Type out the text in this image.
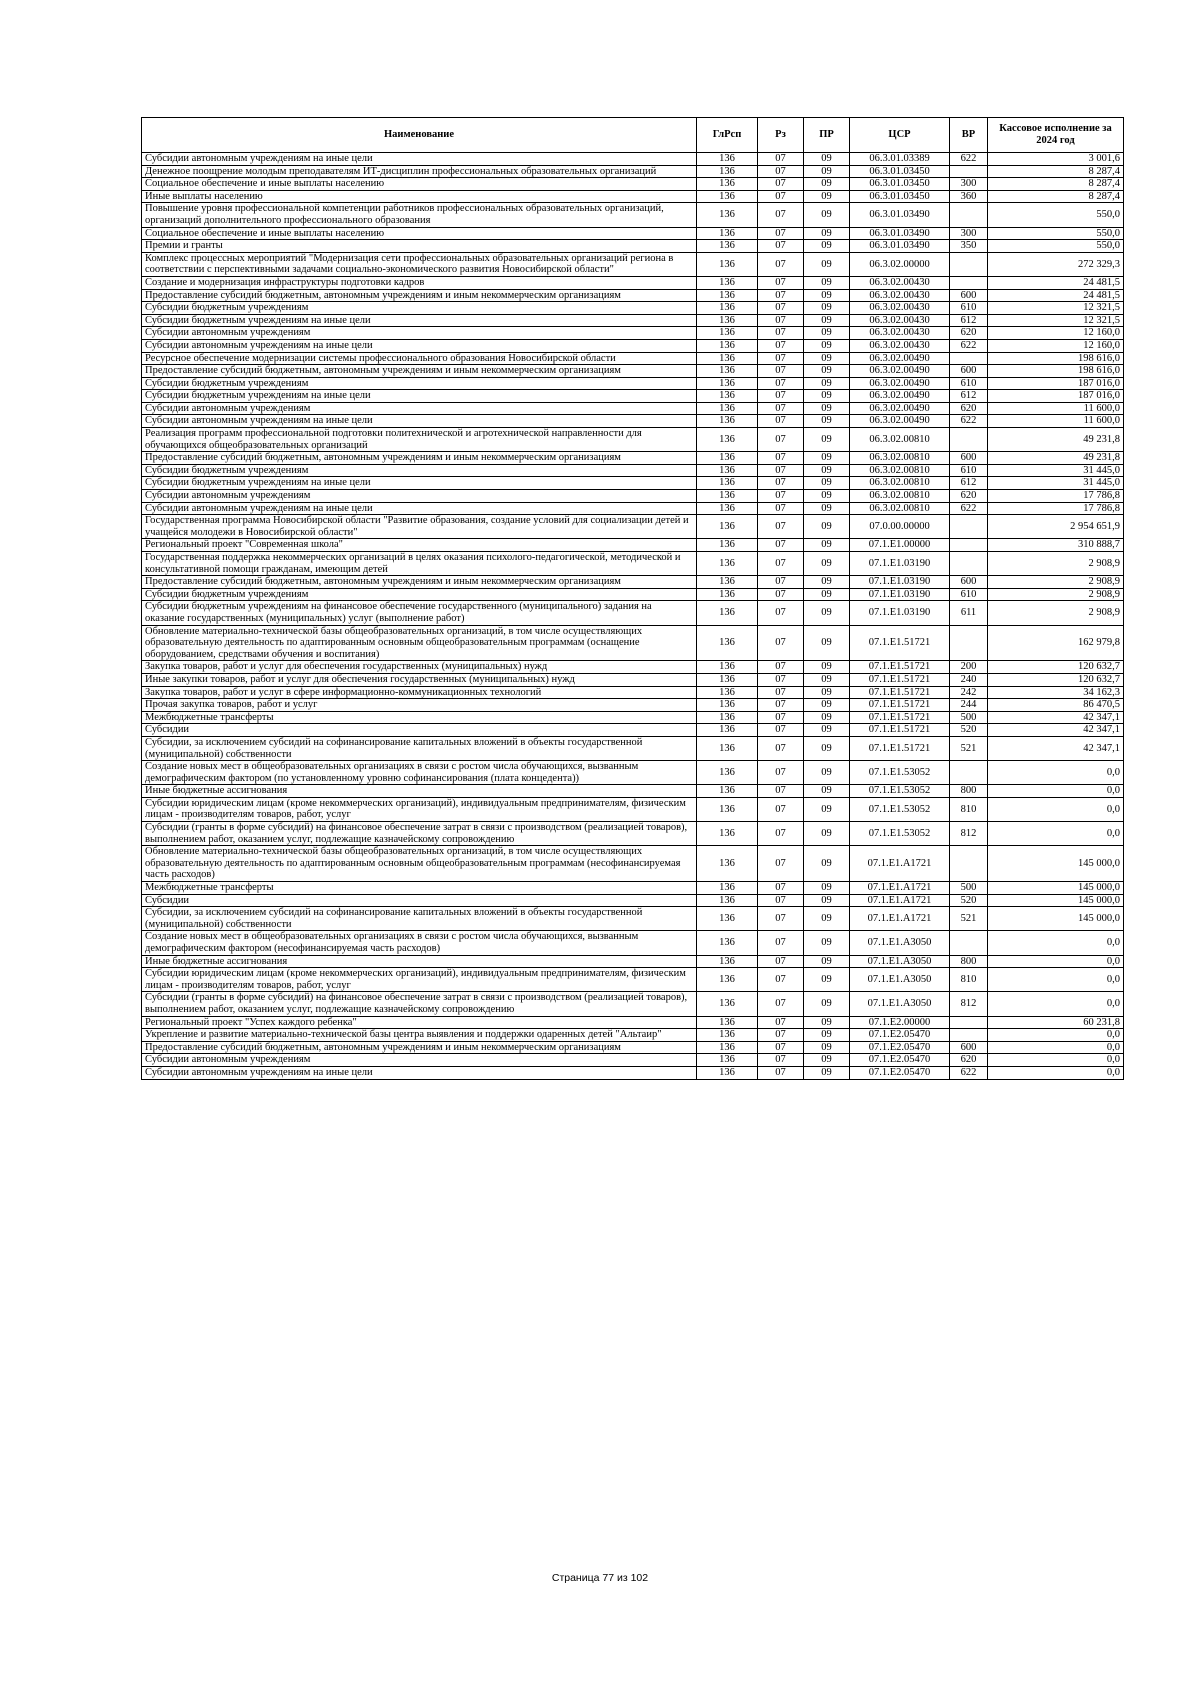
Наименование	ГлРсп	Рз	ПР	ЦСР	ВР	Кассовое исполнение за 2024 год
Субсидии автономным учреждениям на иные цели	136	07	09	06.3.01.03389	622	3 001,6
Денежное поощрение молодым преподавателям ИТ-дисциплин профессиональных образовательных организаций	136	07	09	06.3.01.03450		8 287,4
Социальное обеспечение и иные выплаты населению	136	07	09	06.3.01.03450	300	8 287,4
Иные выплаты населению	136	07	09	06.3.01.03450	360	8 287,4
Повышение уровня профессиональной компетенции работников профессиональных образовательных организаций, организаций дополнительного профессионального образования	136	07	09	06.3.01.03490		550,0
Социальное обеспечение и иные выплаты населению	136	07	09	06.3.01.03490	300	550,0
Премии и гранты	136	07	09	06.3.01.03490	350	550,0
Комплекс процессных мероприятий "Модернизация сети профессиональных образовательных организаций региона в соответствии с перспективными задачами социально-экономического развития Новосибирской области"	136	07	09	06.3.02.00000		272 329,3
Создание и модернизация инфраструктуры подготовки кадров	136	07	09	06.3.02.00430		24 481,5
Предоставление субсидий бюджетным, автономным учреждениям и иным некоммерческим организациям	136	07	09	06.3.02.00430	600	24 481,5
Субсидии бюджетным учреждениям	136	07	09	06.3.02.00430	610	12 321,5
Субсидии бюджетным учреждениям на иные цели	136	07	09	06.3.02.00430	612	12 321,5
Субсидии автономным учреждениям	136	07	09	06.3.02.00430	620	12 160,0
Субсидии автономным учреждениям на иные цели	136	07	09	06.3.02.00430	622	12 160,0
Ресурсное обеспечение модернизации системы профессионального образования Новосибирской области	136	07	09	06.3.02.00490		198 616,0
Предоставление субсидий бюджетным, автономным учреждениям и иным некоммерческим организациям	136	07	09	06.3.02.00490	600	198 616,0
Субсидии бюджетным учреждениям	136	07	09	06.3.02.00490	610	187 016,0
Субсидии бюджетным учреждениям на иные цели	136	07	09	06.3.02.00490	612	187 016,0
Субсидии автономным учреждениям	136	07	09	06.3.02.00490	620	11 600,0
Субсидии автономным учреждениям на иные цели	136	07	09	06.3.02.00490	622	11 600,0
Реализация программ профессиональной подготовки политехнической и агротехнической направленности для обучающихся общеобразовательных организаций	136	07	09	06.3.02.00810		49 231,8
Предоставление субсидий бюджетным, автономным учреждениям и иным некоммерческим организациям	136	07	09	06.3.02.00810	600	49 231,8
Субсидии бюджетным учреждениям	136	07	09	06.3.02.00810	610	31 445,0
Субсидии бюджетным учреждениям на иные цели	136	07	09	06.3.02.00810	612	31 445,0
Субсидии автономным учреждениям	136	07	09	06.3.02.00810	620	17 786,8
Субсидии автономным учреждениям на иные цели	136	07	09	06.3.02.00810	622	17 786,8
Государственная программа Новосибирской области "Развитие образования, создание условий для социализации детей и учащейся молодежи в Новосибирской области"	136	07	09	07.0.00.00000		2 954 651,9
Региональный проект "Современная школа"	136	07	09	07.1.E1.00000		310 888,7
Государственная поддержка некоммерческих организаций в целях оказания психолого-педагогической, методической и консультативной помощи гражданам, имеющим детей	136	07	09	07.1.E1.03190		2 908,9
Предоставление субсидий бюджетным, автономным учреждениям и иным некоммерческим организациям	136	07	09	07.1.E1.03190	600	2 908,9
Субсидии бюджетным учреждениям	136	07	09	07.1.E1.03190	610	2 908,9
Субсидии бюджетным учреждениям на финансовое обеспечение государственного (муниципального) задания на оказание государственных (муниципальных) услуг (выполнение работ)	136	07	09	07.1.E1.03190	611	2 908,9
Обновление материально-технической базы общеобразовательных организаций, в том числе осуществляющих образовательную деятельность по адаптированным основным общеобразовательным программам (оснащение оборудованием, средствами обучения и воспитания)	136	07	09	07.1.E1.51721		162 979,8
Закупка товаров, работ и услуг для обеспечения государственных (муниципальных) нужд	136	07	09	07.1.E1.51721	200	120 632,7
Иные закупки товаров, работ и услуг для обеспечения государственных (муниципальных) нужд	136	07	09	07.1.E1.51721	240	120 632,7
Закупка товаров, работ и услуг в сфере информационно-коммуникационных технологий	136	07	09	07.1.E1.51721	242	34 162,3
Прочая закупка товаров, работ и услуг	136	07	09	07.1.E1.51721	244	86 470,5
Межбюджетные трансферты	136	07	09	07.1.E1.51721	500	42 347,1
Субсидии	136	07	09	07.1.E1.51721	520	42 347,1
Субсидии, за исключением субсидий на софинансирование капитальных вложений в объекты государственной (муниципальной) собственности	136	07	09	07.1.E1.51721	521	42 347,1
Создание новых мест в общеобразовательных организациях в связи с ростом числа обучающихся, вызванным демографическим фактором (по установленному уровню софинансирования (плата концедента))	136	07	09	07.1.E1.53052		0,0
Иные бюджетные ассигнования	136	07	09	07.1.E1.53052	800	0,0
Субсидии юридическим лицам (кроме некоммерческих организаций), индивидуальным предпринимателям, физическим лицам - производителям товаров, работ, услуг	136	07	09	07.1.E1.53052	810	0,0
Субсидии (гранты в форме субсидий) на финансовое обеспечение затрат в связи с производством (реализацией товаров), выполнением работ, оказанием услуг, подлежащие казначейскому сопровождению	136	07	09	07.1.E1.53052	812	0,0
Обновление материально-технической базы общеобразовательных организаций, в том числе осуществляющих образовательную деятельность по адаптированным основным общеобразовательным программам (несофинансируемая часть расходов)	136	07	09	07.1.E1.A1721		145 000,0
Межбюджетные трансферты	136	07	09	07.1.E1.A1721	500	145 000,0
Субсидии	136	07	09	07.1.E1.A1721	520	145 000,0
Субсидии, за исключением субсидий на софинансирование капитальных вложений в объекты государственной (муниципальной) собственности	136	07	09	07.1.E1.A1721	521	145 000,0
Создание новых мест в общеобразовательных организациях в связи с ростом числа обучающихся, вызванным демографическим фактором (несофинансируемая часть расходов)	136	07	09	07.1.E1.A3050		0,0
Иные бюджетные ассигнования	136	07	09	07.1.E1.A3050	800	0,0
Субсидии юридическим лицам (кроме некоммерческих организаций), индивидуальным предпринимателям, физическим лицам - производителям товаров, работ, услуг	136	07	09	07.1.E1.A3050	810	0,0
Субсидии (гранты в форме субсидий) на финансовое обеспечение затрат в связи с производством (реализацией товаров), выполнением работ, оказанием услуг, подлежащие казначейскому сопровождению	136	07	09	07.1.E1.A3050	812	0,0
Региональный проект "Успех каждого ребенка"	136	07	09	07.1.E2.00000		60 231,8
Укрепление и развитие материально-технической базы центра выявления и поддержки одаренных детей "Альтаир"	136	07	09	07.1.E2.05470		0,0
Предоставление субсидий бюджетным, автономным учреждениям и иным некоммерческим организациям	136	07	09	07.1.E2.05470	600	0,0
Субсидии автономным учреждениям	136	07	09	07.1.E2.05470	620	0,0
Субсидии автономным учреждениям на иные цели	136	07	09	07.1.E2.05470	622	0,0
Страница 77 из 102
